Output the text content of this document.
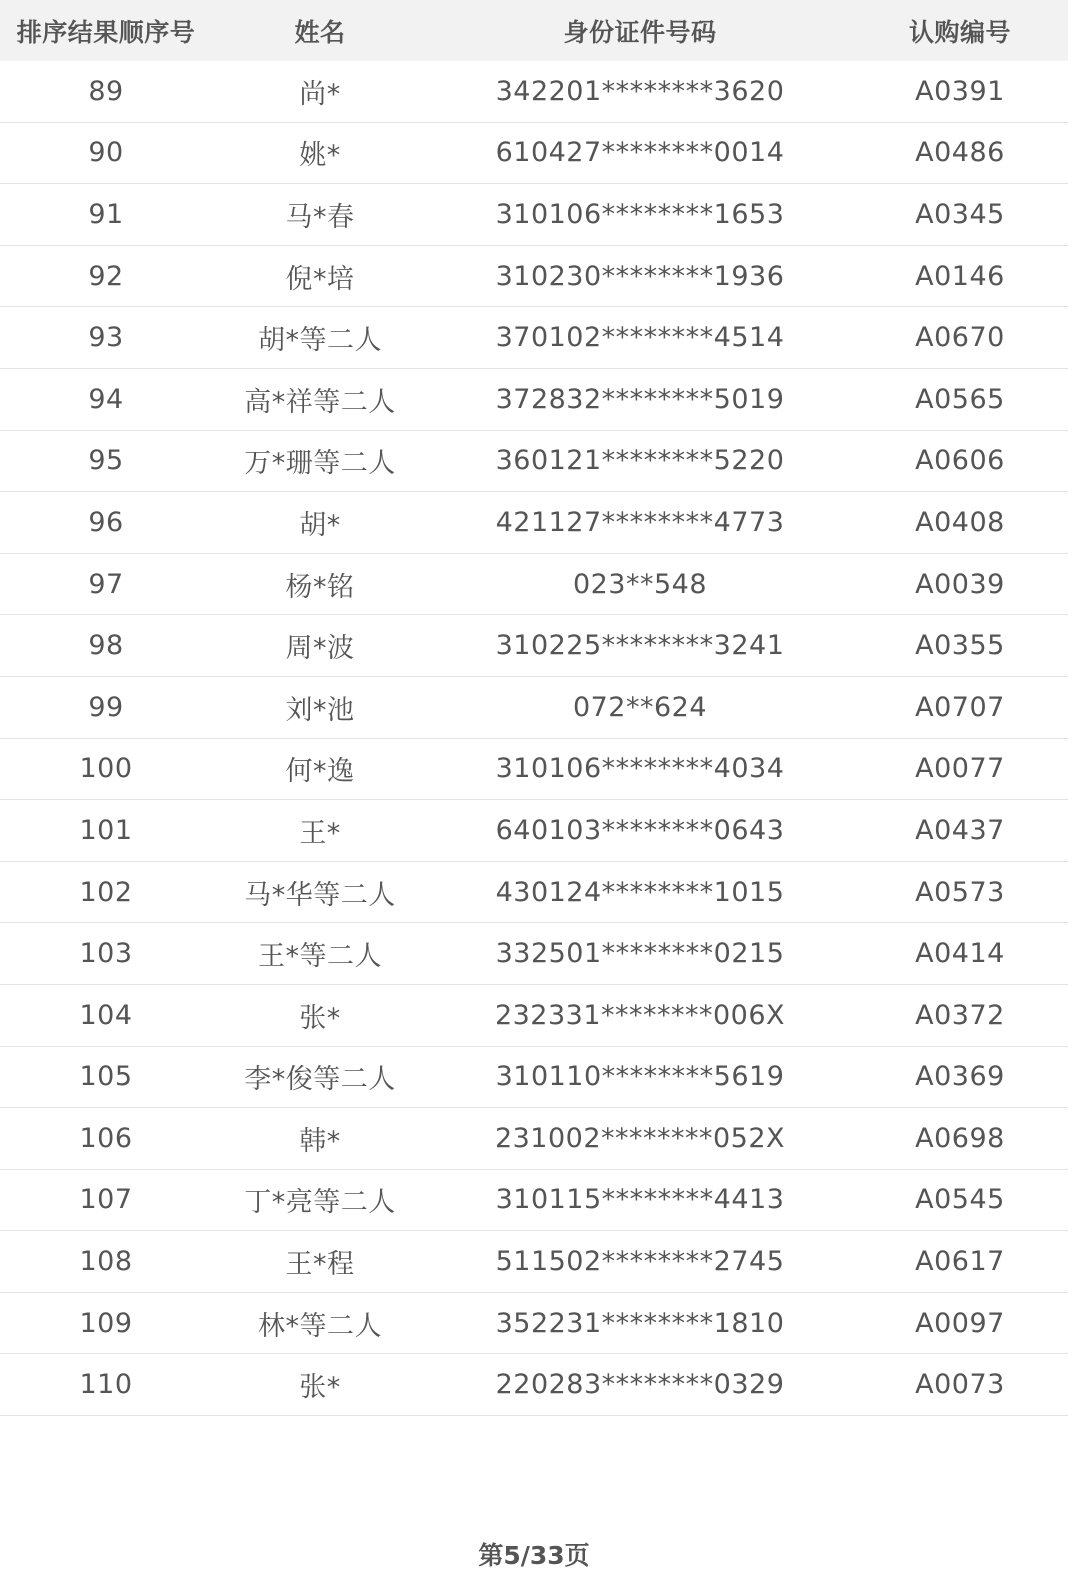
排序结果顺序号	姓名	身份证件号码	认购编号
89	尚*	342201********3620	A0391
90	姚*	610427********0014	A0486
91	马*春	310106********1653	A0345
92	倪*培	310230********1936	A0146
93	胡*等二人	370102********4514	A0670
94	高*祥等二人	372832********5019	A0565
95	万*珊等二人	360121********5220	A0606
96	胡*	421127********4773	A0408
97	杨*铭	023**548	A0039
98	周*波	310225********3241	A0355
99	刘*池	072**624	A0707
100	何*逸	310106********4034	A0077
101	王*	640103********0643	A0437
102	马*华等二人	430124********1015	A0573
103	王*等二人	332501********0215	A0414
104	张*	232331********006X	A0372
105	李*俊等二人	310110********5619	A0369
106	韩*	231002********052X	A0698
107	丁*亮等二人	310115********4413	A0545
108	王*程	511502********2745	A0617
109	林*等二人	352231********1810	A0097
110	张*	220283********0329	A0073
第5/33页
